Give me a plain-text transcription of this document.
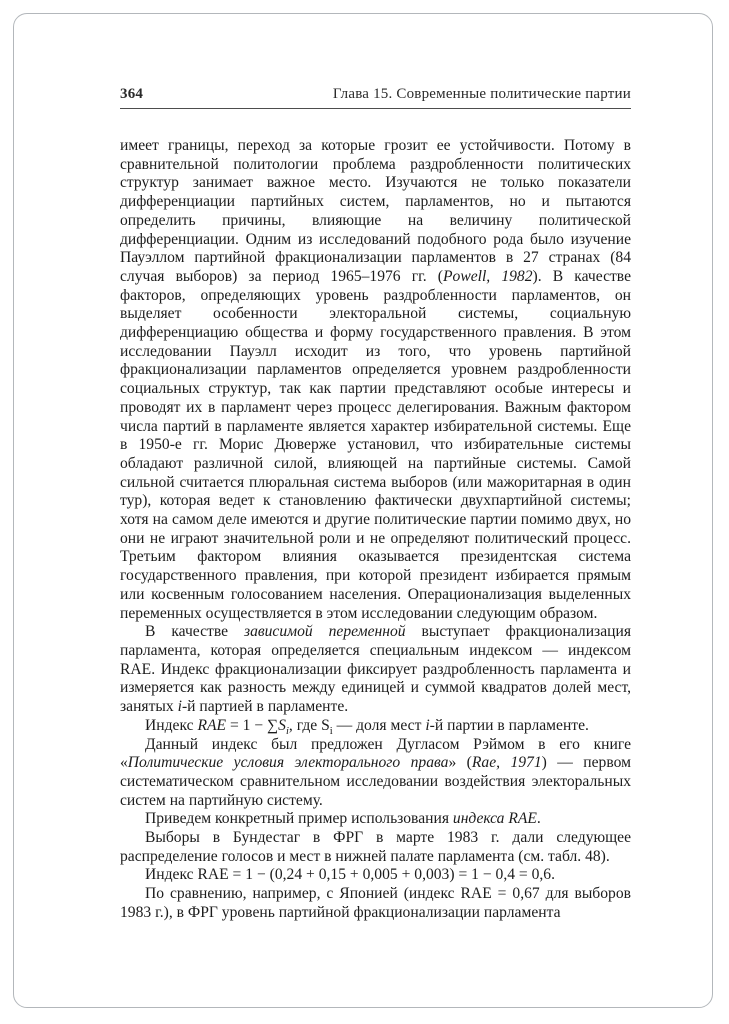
364	Глава 15. Современные политические партии

имеет границы, переход за которые грозит ее устойчивости. Потому в сравнительной политологии проблема раздробленности политических структур занимает важное место. Изучаются не только показатели дифференциации партийных систем, парламентов, но и пытаются определить причины, влияющие на величину политической дифференциации. Одним из исследований подобного рода было изучение Пауэллом партийной фракционализации парламентов в 27 странах (84 случая выборов) за период 1965–1976 гг. (Powell, 1982). В качестве факторов, определяющих уровень раздробленности парламентов, он выделяет особенности электоральной системы, социальную дифференциацию общества и форму государственного правления. В этом исследовании Пауэлл исходит из того, что уровень партийной фракционализации парламентов определяется уровнем раздробленности социальных структур, так как партии представляют особые интересы и проводят их в парламент через процесс делегирования. Важным фактором числа партий в парламенте является характер избирательной системы. Еще в 1950-е гг. Морис Дюверже установил, что избирательные системы обладают различной силой, влияющей на партийные системы. Самой сильной считается плюральная система выборов (или мажоритарная в один тур), которая ведет к становлению фактически двухпартийной системы; хотя на самом деле имеются и другие политические партии помимо двух, но они не играют значительной роли и не определяют политический процесс. Третьим фактором влияния оказывается президентская система государственного правления, при которой президент избирается прямым или косвенным голосованием населения. Операционализация выделенных переменных осуществляется в этом исследовании следующим образом.

В качестве зависимой переменной выступает фракционализация парламента, которая определяется специальным индексом — индексом RAE. Индекс фракционализации фиксирует раздробленность парламента и измеряется как разность между единицей и суммой квадратов долей мест, занятых i-й партией в парламенте.

Индекс RAE = $1 - \sum S_i$, где $S_i$ — доля мест i-й партии в парламенте.

Данный индекс был предложен Дугласом Рэймом в его книге «Политические условия электорального права» (Rae, 1971) — первом систематическом сравнительном исследовании воздействия электоральных систем на партийную систему.

Приведем конкретный пример использования индекса RAE.

Выборы в Бундестаг в ФРГ в марте 1983 г. дали следующее распределение голосов и мест в нижней палате парламента (см. табл. 48).

Индекс RAE = 1 − (0,24 + 0,15 + 0,005 + 0,003) = 1 − 0,4 = 0,6.

По сравнению, например, с Японией (индекс RAE = 0,67 для выборов 1983 г.), в ФРГ уровень партийной фракционализации парламента
